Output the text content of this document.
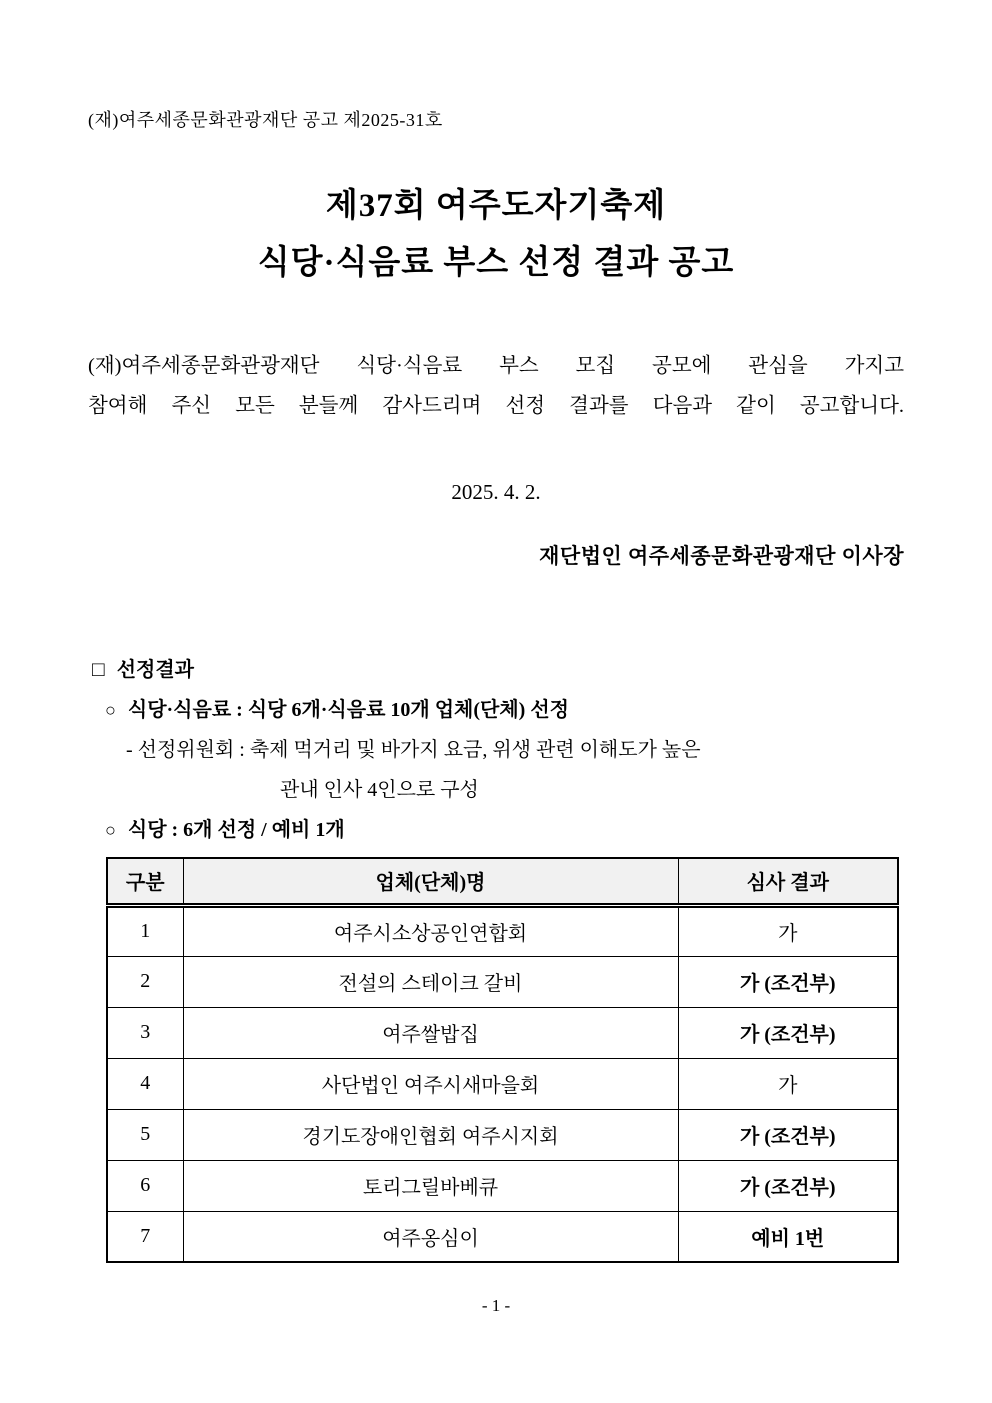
(재)여주세종문화관광재단 공고 제2025-31호
제37회 여주도자기축제
식당·식음료 부스 선정 결과 공고
(재)여주세종문화관광재단 식당·식음료 부스 모집 공모에 관심을 가지고
참여해 주신 모든 분들께 감사드리며 선정 결과를 다음과 같이 공고합니다.
2025. 4. 2.
재단법인 여주세종문화관광재단 이사장
□ 선정결과
○ 식당·식음료 : 식당 6개·식음료 10개 업체(단체) 선정
- 선정위원회 : 축제 먹거리 및 바가지 요금, 위생 관련 이해도가 높은
관내 인사 4인으로 구성
○ 식당 : 6개 선정 / 예비 1개
구분	업체(단체)명	심사 결과
1	여주시소상공인연합회	가
2	전설의 스테이크 갈비	가 (조건부)
3	여주쌀밥집	가 (조건부)
4	사단법인 여주시새마을회	가
5	경기도장애인협회 여주시지회	가 (조건부)
6	토리그릴바베큐	가 (조건부)
7	여주옹심이	예비 1번
- 1 -
